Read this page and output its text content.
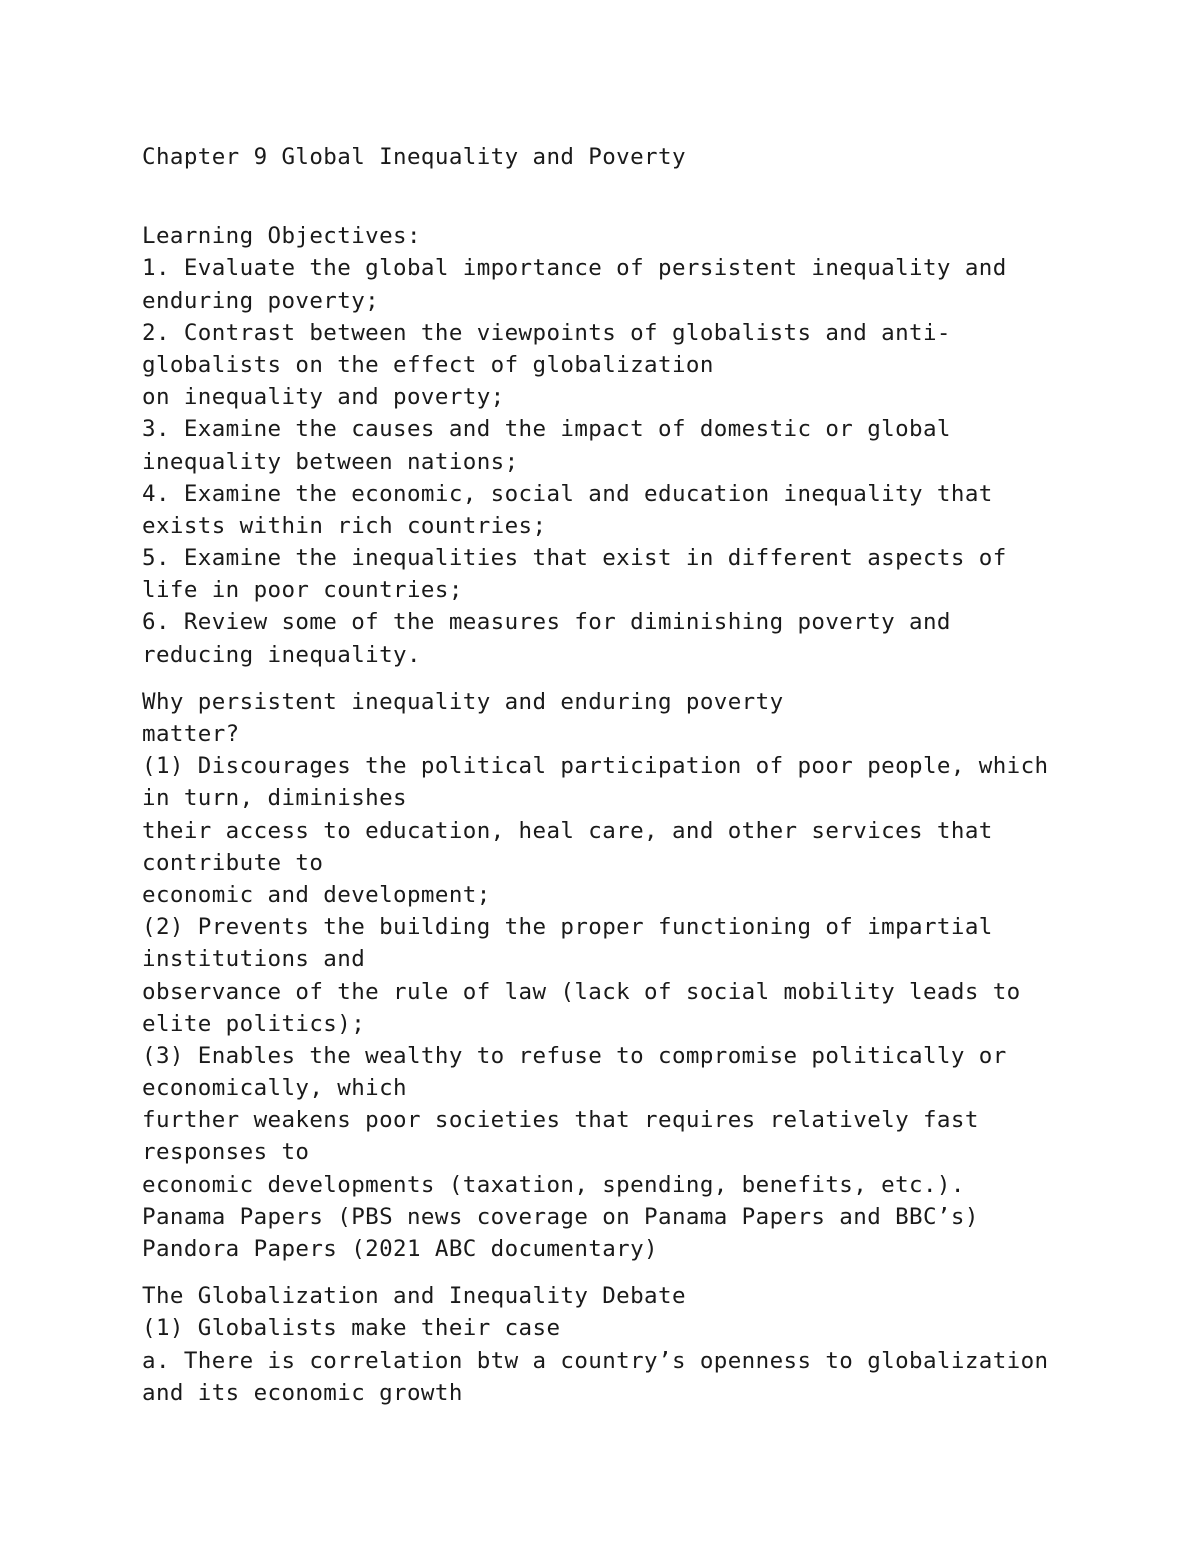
Chapter 9 Global Inequality and Poverty
Learning Objectives:
1. Evaluate the global importance of persistent inequality and
enduring poverty;
2. Contrast between the viewpoints of globalists and anti-
globalists on the effect of globalization
on inequality and poverty;
3. Examine the causes and the impact of domestic or global
inequality between nations;
4. Examine the economic, social and education inequality that
exists within rich countries;
5. Examine the inequalities that exist in different aspects of
life in poor countries;
6. Review some of the measures for diminishing poverty and
reducing inequality.
Why persistent inequality and enduring poverty
matter?
(1) Discourages the political participation of poor people, which
in turn, diminishes
their access to education, heal care, and other services that
contribute to
economic and development;
(2) Prevents the building the proper functioning of impartial
institutions and
observance of the rule of law (lack of social mobility leads to
elite politics);
(3) Enables the wealthy to refuse to compromise politically or
economically, which
further weakens poor societies that requires relatively fast
responses to
economic developments (taxation, spending, benefits, etc.).
Panama Papers (PBS news coverage on Panama Papers and BBC’s)
Pandora Papers (2021 ABC documentary)
The Globalization and Inequality Debate
(1) Globalists make their case
a. There is correlation btw a country’s openness to globalization
and its economic growth
